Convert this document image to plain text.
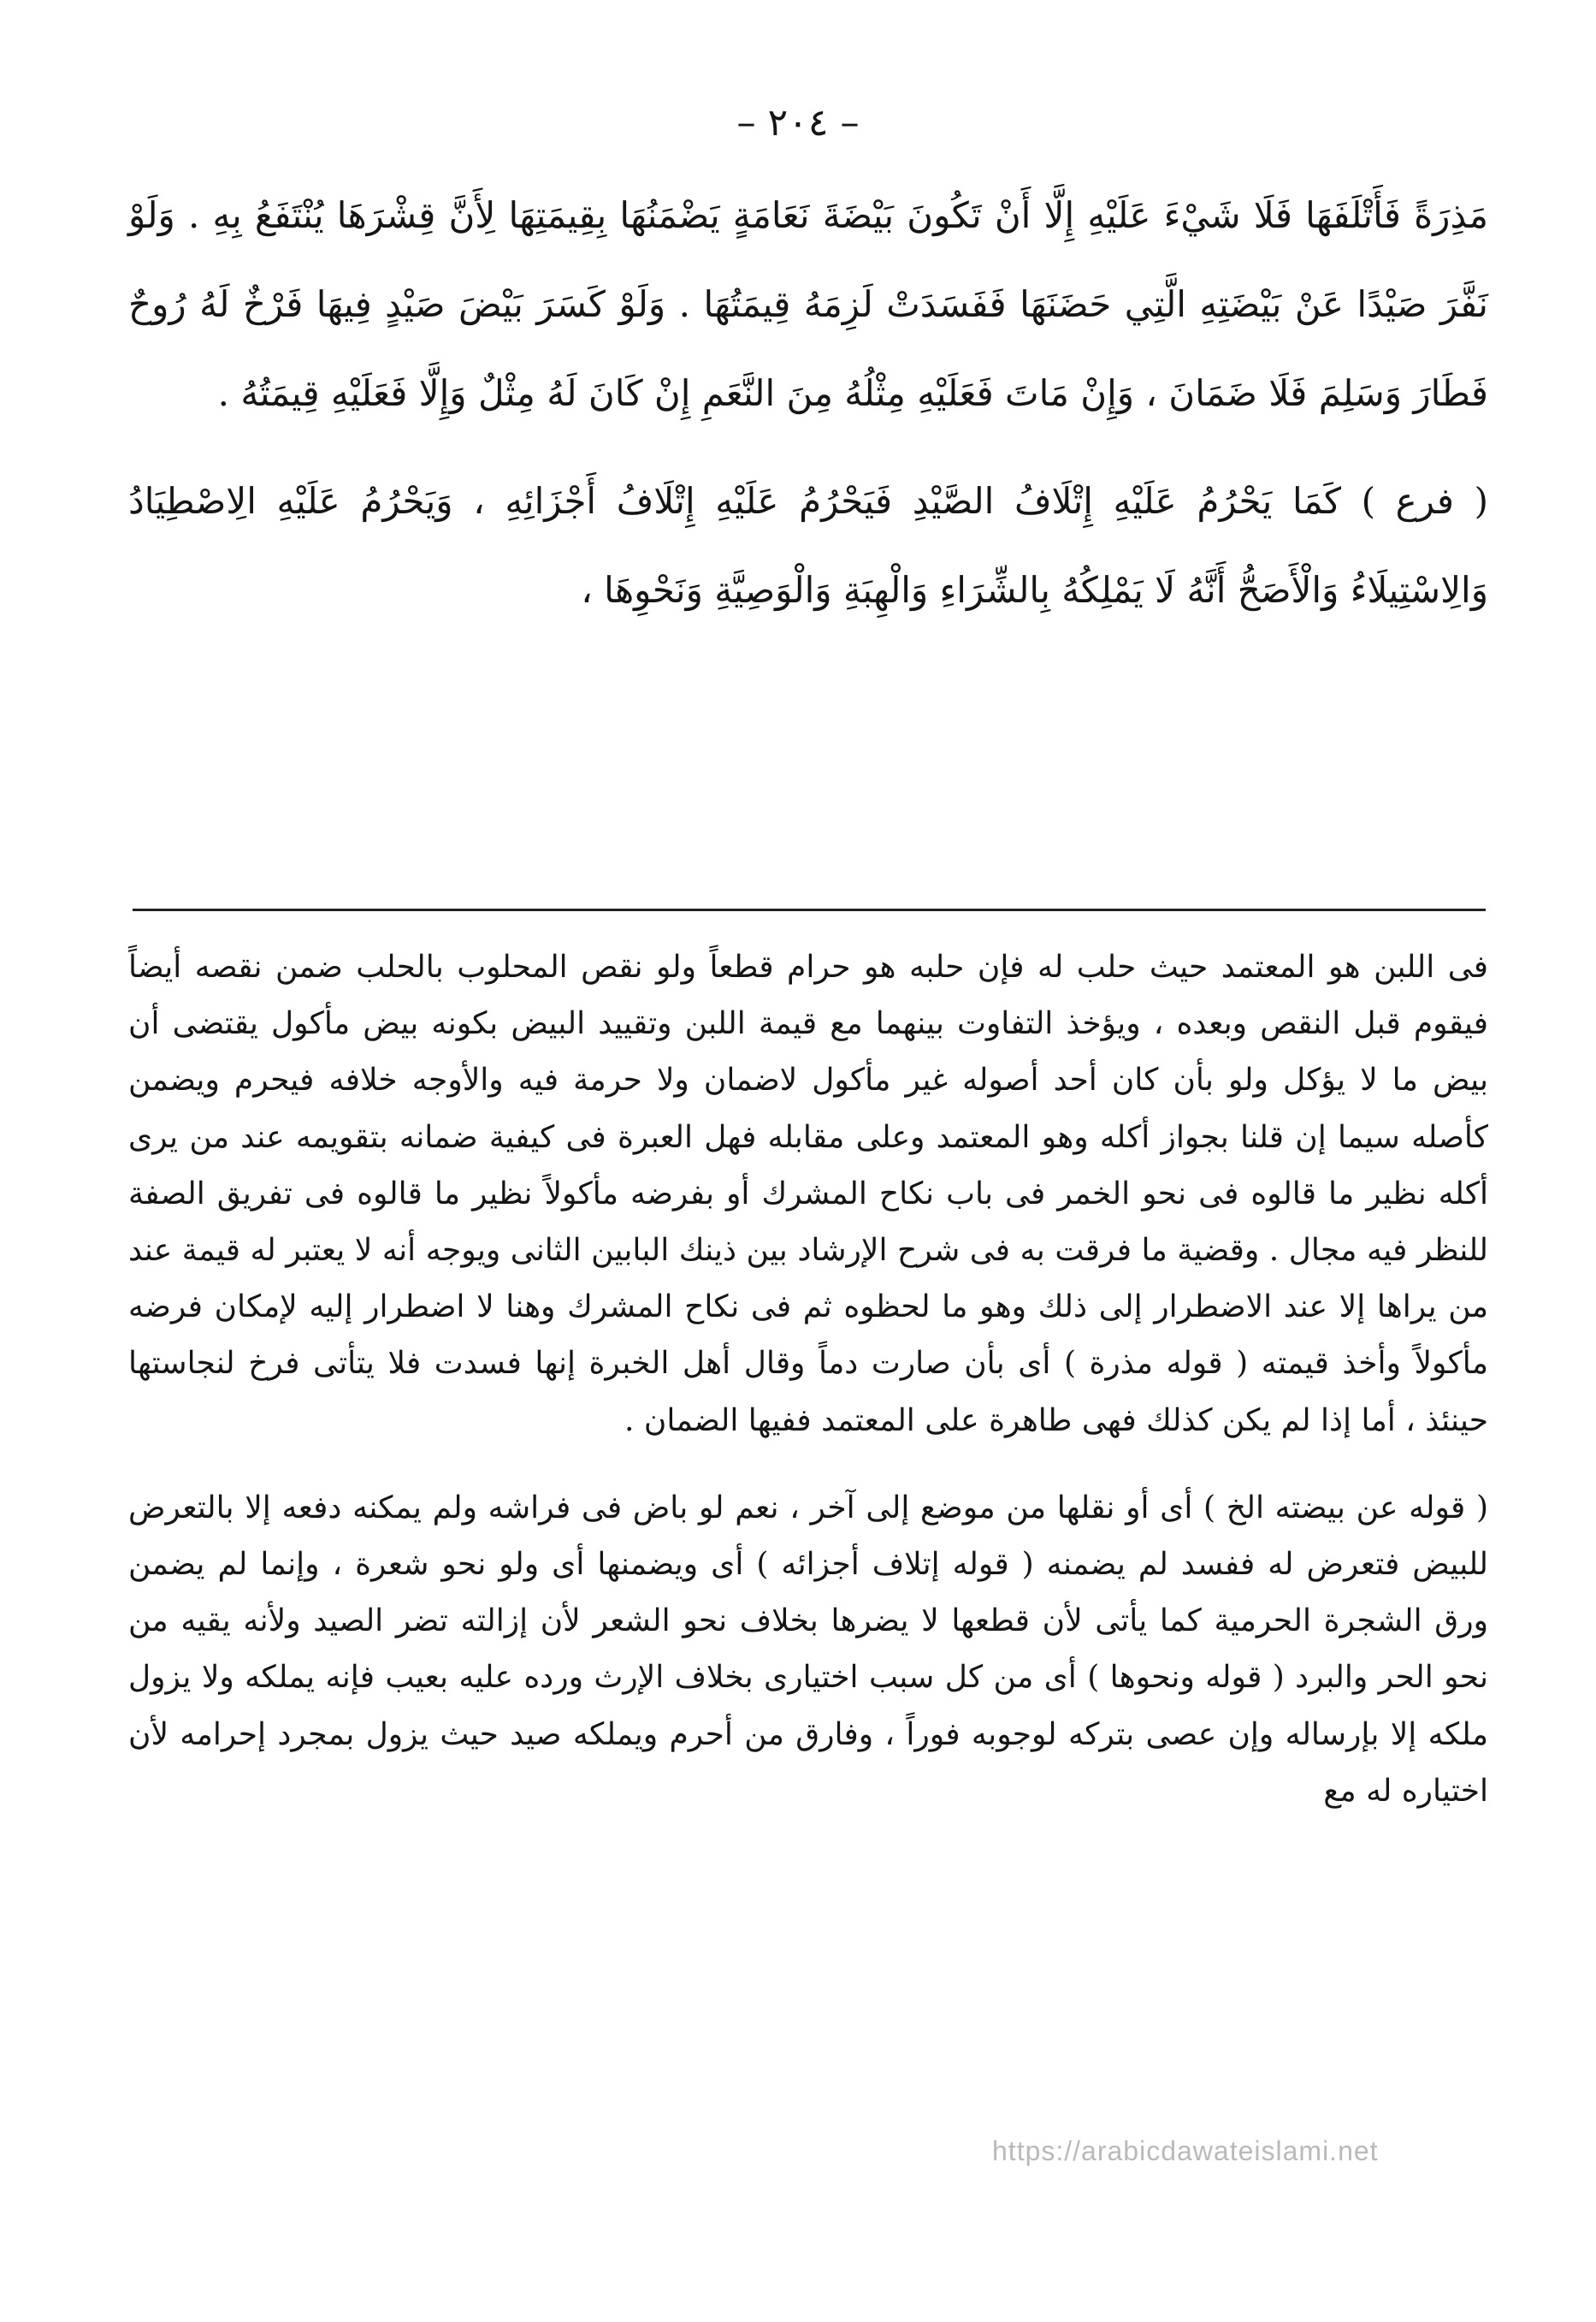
– ٢٠٤ –

مَذِرَةً فَأَتْلَفَهَا فَلَا شَيْءَ عَلَيْهِ إِلَّا أَنْ تَكُونَ بَيْضَةَ نَعَامَةٍ يَضْمَنُهَا بِقِيمَتِهَا لِأَنَّ قِشْرَهَا يُنْتَفَعُ بِهِ . وَلَوْ نَفَّرَ صَيْدًا عَنْ بَيْضَتِهِ الَّتِي حَضَنَهَا فَفَسَدَتْ لَزِمَهُ قِيمَتُهَا . وَلَوْ كَسَرَ بَيْضَ صَيْدٍ فِيهَا فَرْخٌ لَهُ رُوحٌ فَطَارَ وَسَلِمَ فَلَا ضَمَانَ ، وَإِنْ مَاتَ فَعَلَيْهِ مِثْلُهُ مِنَ النَّعَمِ إِنْ كَانَ لَهُ مِثْلٌ وَإِلَّا فَعَلَيْهِ قِيمَتُهُ .

( فرع ) كَمَا يَحْرُمُ عَلَيْهِ إِتْلَافُ الصَّيْدِ فَيَحْرُمُ عَلَيْهِ إِتْلَافُ أَجْزَائِهِ ، وَيَحْرُمُ عَلَيْهِ الِاصْطِيَادُ وَالِاسْتِيلَاءُ وَالْأَصَحُّ أَنَّهُ لَا يَمْلِكُهُ بِالشِّرَاءِ وَالْهِبَةِ وَالْوَصِيَّةِ وَنَحْوِهَا ،

فى اللبن هو المعتمد حيث حلب له فإن حلبه هو حرام قطعاً ولو نقص المحلوب بالحلب ضمن نقصه أيضاً فيقوم قبل النقص وبعده ، ويؤخذ التفاوت بينهما مع قيمة اللبن وتقييد البيض بكونه بيض مأكول يقتضى أن بيض ما لا يؤكل ولو بأن كان أحد أصوله غير مأكول لاضمان ولا حرمة فيه والأوجه خلافه فيحرم ويضمن كأصله سيما إن قلنا بجواز أكله وهو المعتمد وعلى مقابله فهل العبرة فى كيفية ضمانه بتقويمه عند من يرى أكله نظير ما قالوه فى نحو الخمر فى باب نكاح المشرك أو بفرضه مأكولاً نظير ما قالوه فى تفريق الصفة للنظر فيه مجال . وقضية ما فرقت به فى شرح الإرشاد بين ذينك البابين الثانى ويوجه أنه لا يعتبر له قيمة عند من يراها إلا عند الاضطرار إلى ذلك وهو ما لحظوه ثم فى نكاح المشرك وهنا لا اضطرار إليه لإمكان فرضه مأكولاً وأخذ قيمته ( قوله مذرة ) أى بأن صارت دماً وقال أهل الخبرة إنها فسدت فلا يتأتى فرخ لنجاستها حينئذ ، أما إذا لم يكن كذلك فهى طاهرة على المعتمد ففيها الضمان .

( قوله عن بيضته الخ ) أى أو نقلها من موضع إلى آخر ، نعم لو باض فى فراشه ولم يمكنه دفعه إلا بالتعرض للبيض فتعرض له ففسد لم يضمنه ( قوله إتلاف أجزائه ) أى ويضمنها أى ولو نحو شعرة ، وإنما لم يضمن ورق الشجرة الحرمية كما يأتى لأن قطعها لا يضرها بخلاف نحو الشعر لأن إزالته تضر الصيد ولأنه يقيه من نحو الحر والبرد ( قوله ونحوها ) أى من كل سبب اختيارى بخلاف الإرث ورده عليه بعيب فإنه يملكه ولا يزول ملكه إلا بإرساله وإن عصى بتركه لوجوبه فوراً ، وفارق من أحرم ويملكه صيد حيث يزول بمجرد إحرامه لأن اختياره له مع

https://arabicdawateislami.net
